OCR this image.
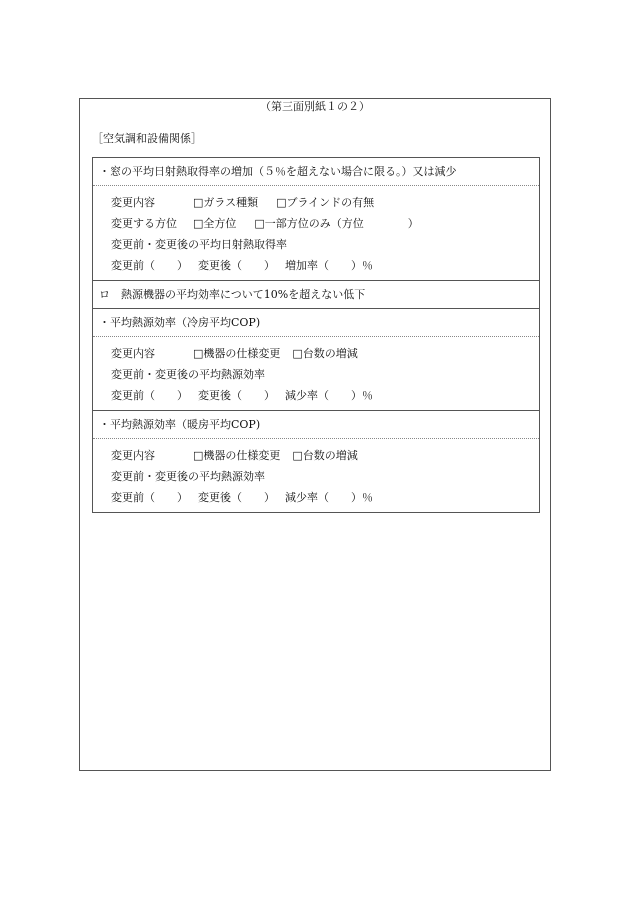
（第三面別紙１の２）
［空気調和設備関係］
・窓の平均日射熱取得率の増加（５％を超えない場合に限る。）又は減少
変更内容	□ガラス種類 □ブラインドの有無
変更する方位 □全方位 □一部方位のみ（方位　　　　）
変更前・変更後の平均日射熱取得率
変更前（　　） 変更後（　　） 増加率（　　）％
ロ　熱源機器の平均効率について10%を超えない低下
・平均熱源効率（冷房平均COP)
変更内容	□機器の仕様変更 □台数の増減
変更前・変更後の平均熱源効率
変更前（　　） 変更後（　　） 減少率（　　）％
・平均熱源効率（暖房平均COP)
変更内容	□機器の仕様変更 □台数の増減
変更前・変更後の平均熱源効率
変更前（　　） 変更後（　　） 減少率（　　）％
